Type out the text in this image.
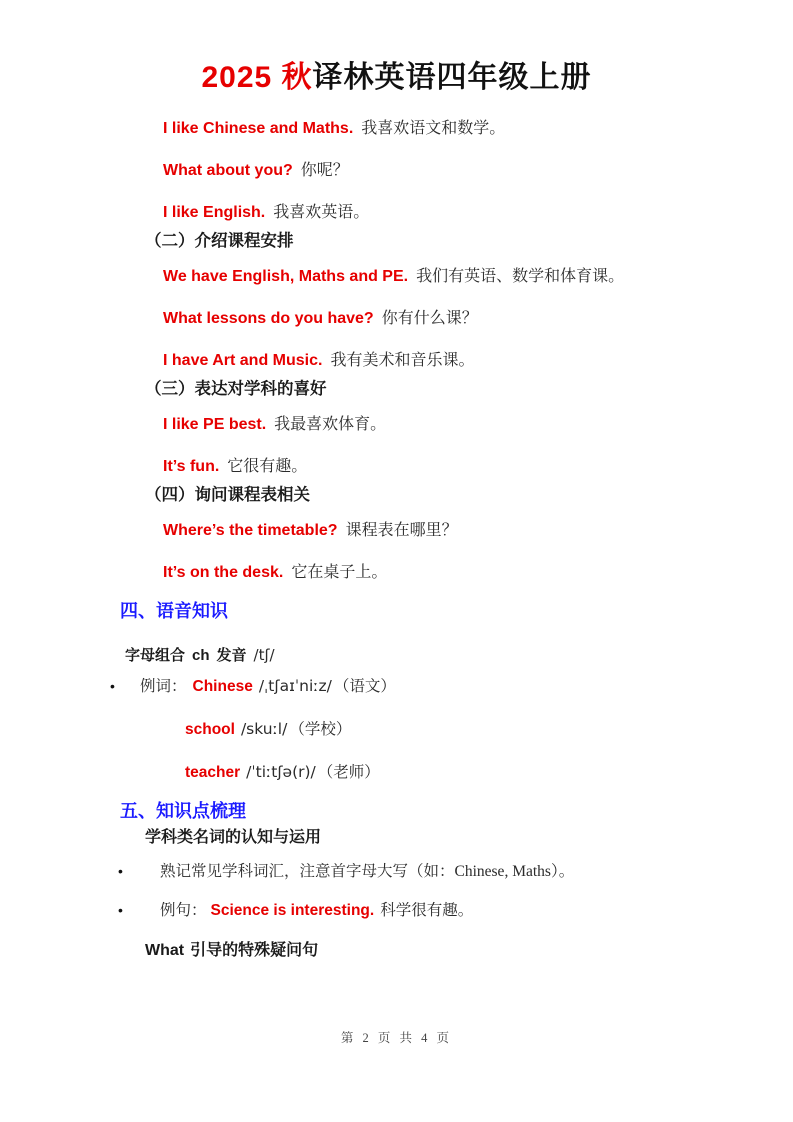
2025 秋译林英语四年级上册
I like Chinese and Maths. 我喜欢语文和数学。
What about you? 你呢？
I like English. 我喜欢英语。
（二）介绍课程安排
We have English, Maths and PE. 我们有英语、数学和体育课。
What lessons do you have? 你有什么课？
I have Art and Music. 我有美术和音乐课。
（三）表达对学科的喜好
I like PE best. 我最喜欢体育。
It’s fun. 它很有趣。
（四）询问课程表相关
Where’s the timetable? 课程表在哪里？
It’s on the desk. 它在桌子上。
四、语音知识
字母组合 ch 发音 /tʃ/
•	例词： Chinese /ˌtʃaɪˈniːz/ （语文）
school /skuːl/ （学校）
teacher /ˈtiːtʃə(r)/ （老师）
五、知识点梳理
学科类名词的认知与运用
•	熟记常见学科词汇，注意首字母大写（如：Chinese, Maths）。
•	例句： Science is interesting. 科学很有趣。
What 引导的特殊疑问句
第 2 页 共 4 页
